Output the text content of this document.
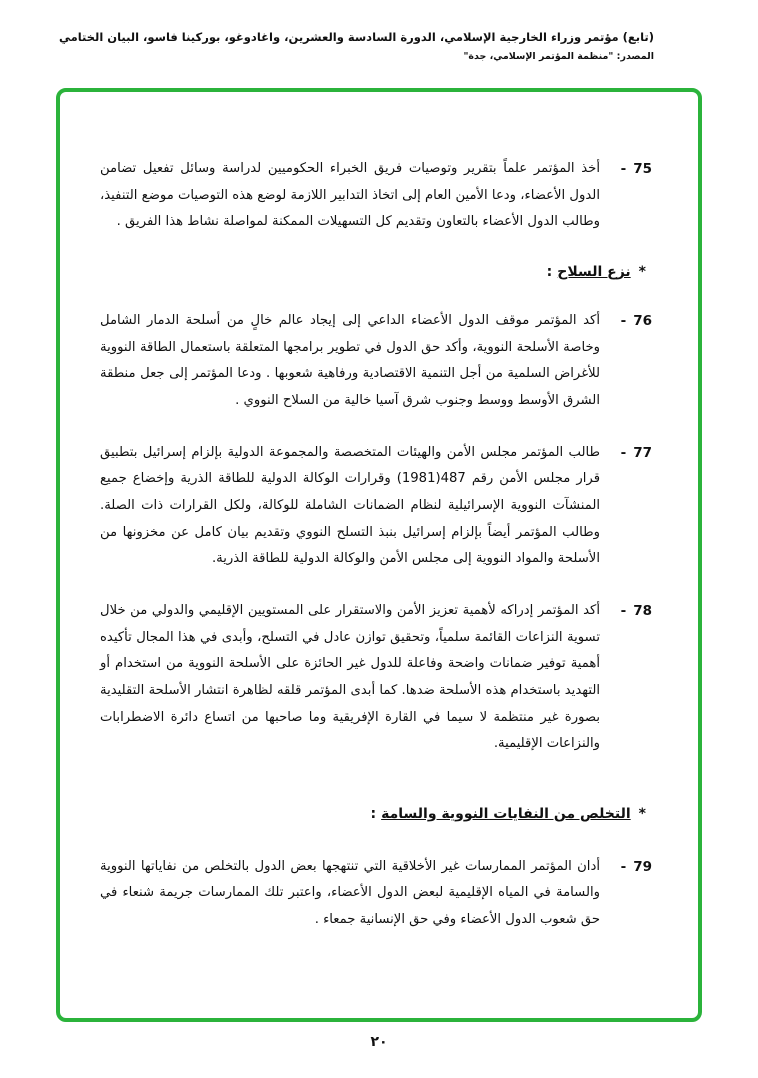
(تابع) مؤتمر وزراء الخارجية الإسلامي، الدورة السادسة والعشرين، واغادوغو، بوركينا فاسو، البيان الختامي
المصدر: "منظمة المؤتمر الإسلامي، جدة"
75
-
أخذ المؤتمر علماً بتقرير وتوصيات فريق الخبراء الحكوميين لدراسة وسائل تفعيل تضامن الدول الأعضاء، ودعا الأمين العام إلى اتخاذ التدابير اللازمة لوضع هذه التوصيات موضع التنفيذ، وطالب الدول الأعضاء بالتعاون وتقديم كل التسهيلات الممكنة لمواصلة نشاط هذا الفريق .
*نزع السلاح:
76
-
أكد المؤتمر موقف الدول الأعضاء الداعي إلى إيجاد عالم خالٍ من أسلحة الدمار الشامل وخاصة الأسلحة النووية، وأكد حق الدول في تطوير برامجها المتعلقة باستعمال الطاقة النووية للأغراض السلمية من أجل التنمية الاقتصادية ورفاهية شعوبها . ودعا المؤتمر إلى جعل منطقة الشرق الأوسط ووسط وجنوب شرق آسيا خالية من السلاح النووي .
77
-
طالب المؤتمر مجلس الأمن والهيئات المتخصصة والمجموعة الدولية بإلزام إسرائيل بتطبيق قرار مجلس الأمن رقم 487(1981) وقرارات الوكالة الدولية للطاقة الذرية وإخضاع جميع المنشآت النووية الإسرائيلية لنظام الضمانات الشاملة للوكالة، ولكل القرارات ذات الصلة. وطالب المؤتمر أيضاً بإلزام إسرائيل بنبذ التسلح النووي وتقديم بيان كامل عن مخزونها من الأسلحة والمواد النووية إلى مجلس الأمن والوكالة الدولية للطاقة الذرية.
78
-
أكد المؤتمر إدراكه لأهمية تعزيز الأمن والاستقرار على المستويين الإقليمي والدولي من خلال تسوية النزاعات القائمة سلمياً، وتحقيق توازن عادل في التسلح، وأبدى في هذا المجال تأكيده أهمية توفير ضمانات واضحة وفاعلة للدول غير الحائزة على الأسلحة النووية من استخدام أو التهديد باستخدام هذه الأسلحة ضدها. كما أبدى المؤتمر قلقه لظاهرة انتشار الأسلحة التقليدية بصورة غير منتظمة لا سيما في القارة الإفريقية وما صاحبها من اتساع دائرة الاضطرابات والنزاعات الإقليمية.
*التخلص من النفايات النووية والسامة:
79
-
أدان المؤتمر الممارسات غير الأخلاقية التي تنتهجها بعض الدول بالتخلص من نفاياتها النووية والسامة في المياه الإقليمية لبعض الدول الأعضاء، واعتبر تلك الممارسات جريمة شنعاء في حق شعوب الدول الأعضاء وفي حق الإنسانية جمعاء .
٢٠
